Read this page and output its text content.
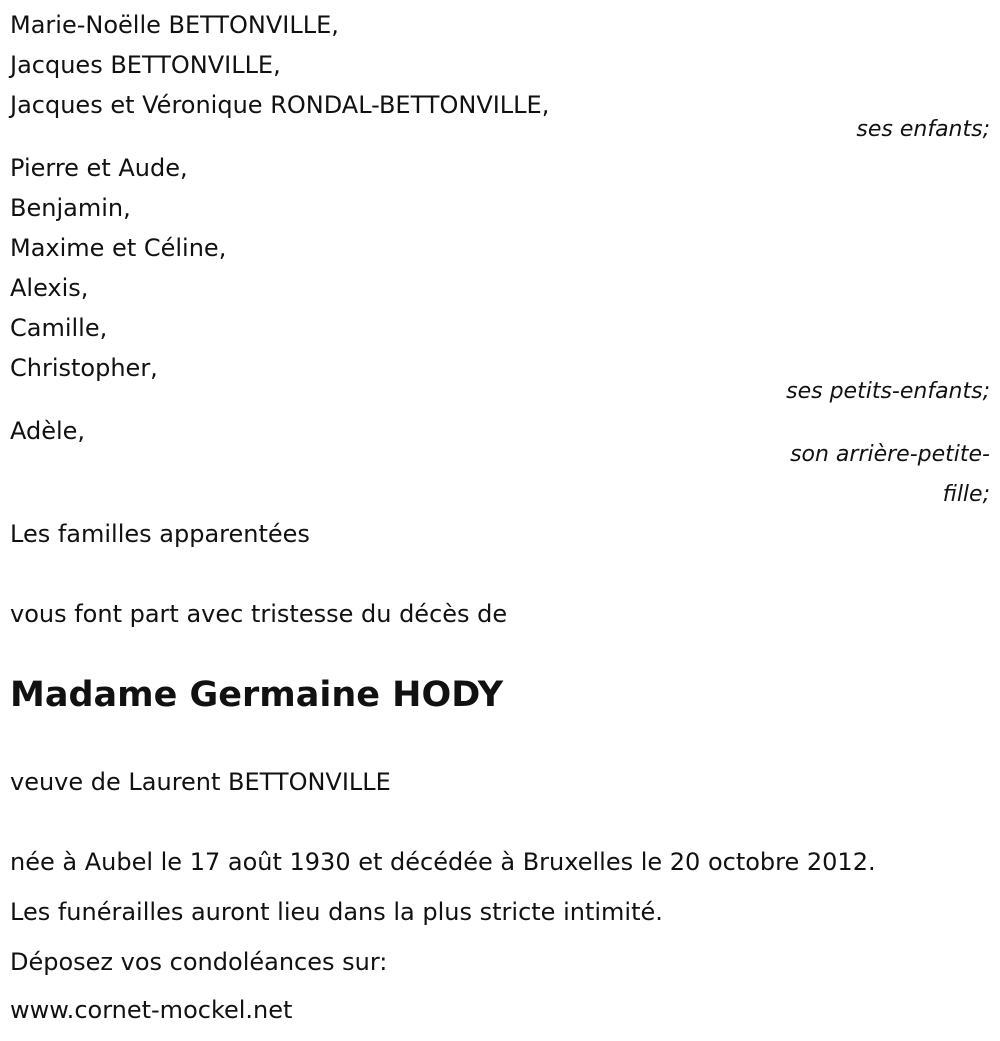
Marie-Noëlle BETTONVILLE,
Jacques BETTONVILLE,
Jacques et Véronique RONDAL-BETTONVILLE,
ses enfants;
Pierre et Aude,
Benjamin,
Maxime et Céline,
Alexis,
Camille,
Christopher,
ses petits-enfants;
Adèle,
son arrière-petite-
fille;
Les familles apparentées
vous font part avec tristesse du décès de
Madame Germaine HODY
veuve de Laurent BETTONVILLE
née à Aubel le 17 août 1930 et décédée à Bruxelles le 20 octobre 2012.
Les funérailles auront lieu dans la plus stricte intimité.
Déposez vos condoléances sur:
www.cornet-mockel.net
